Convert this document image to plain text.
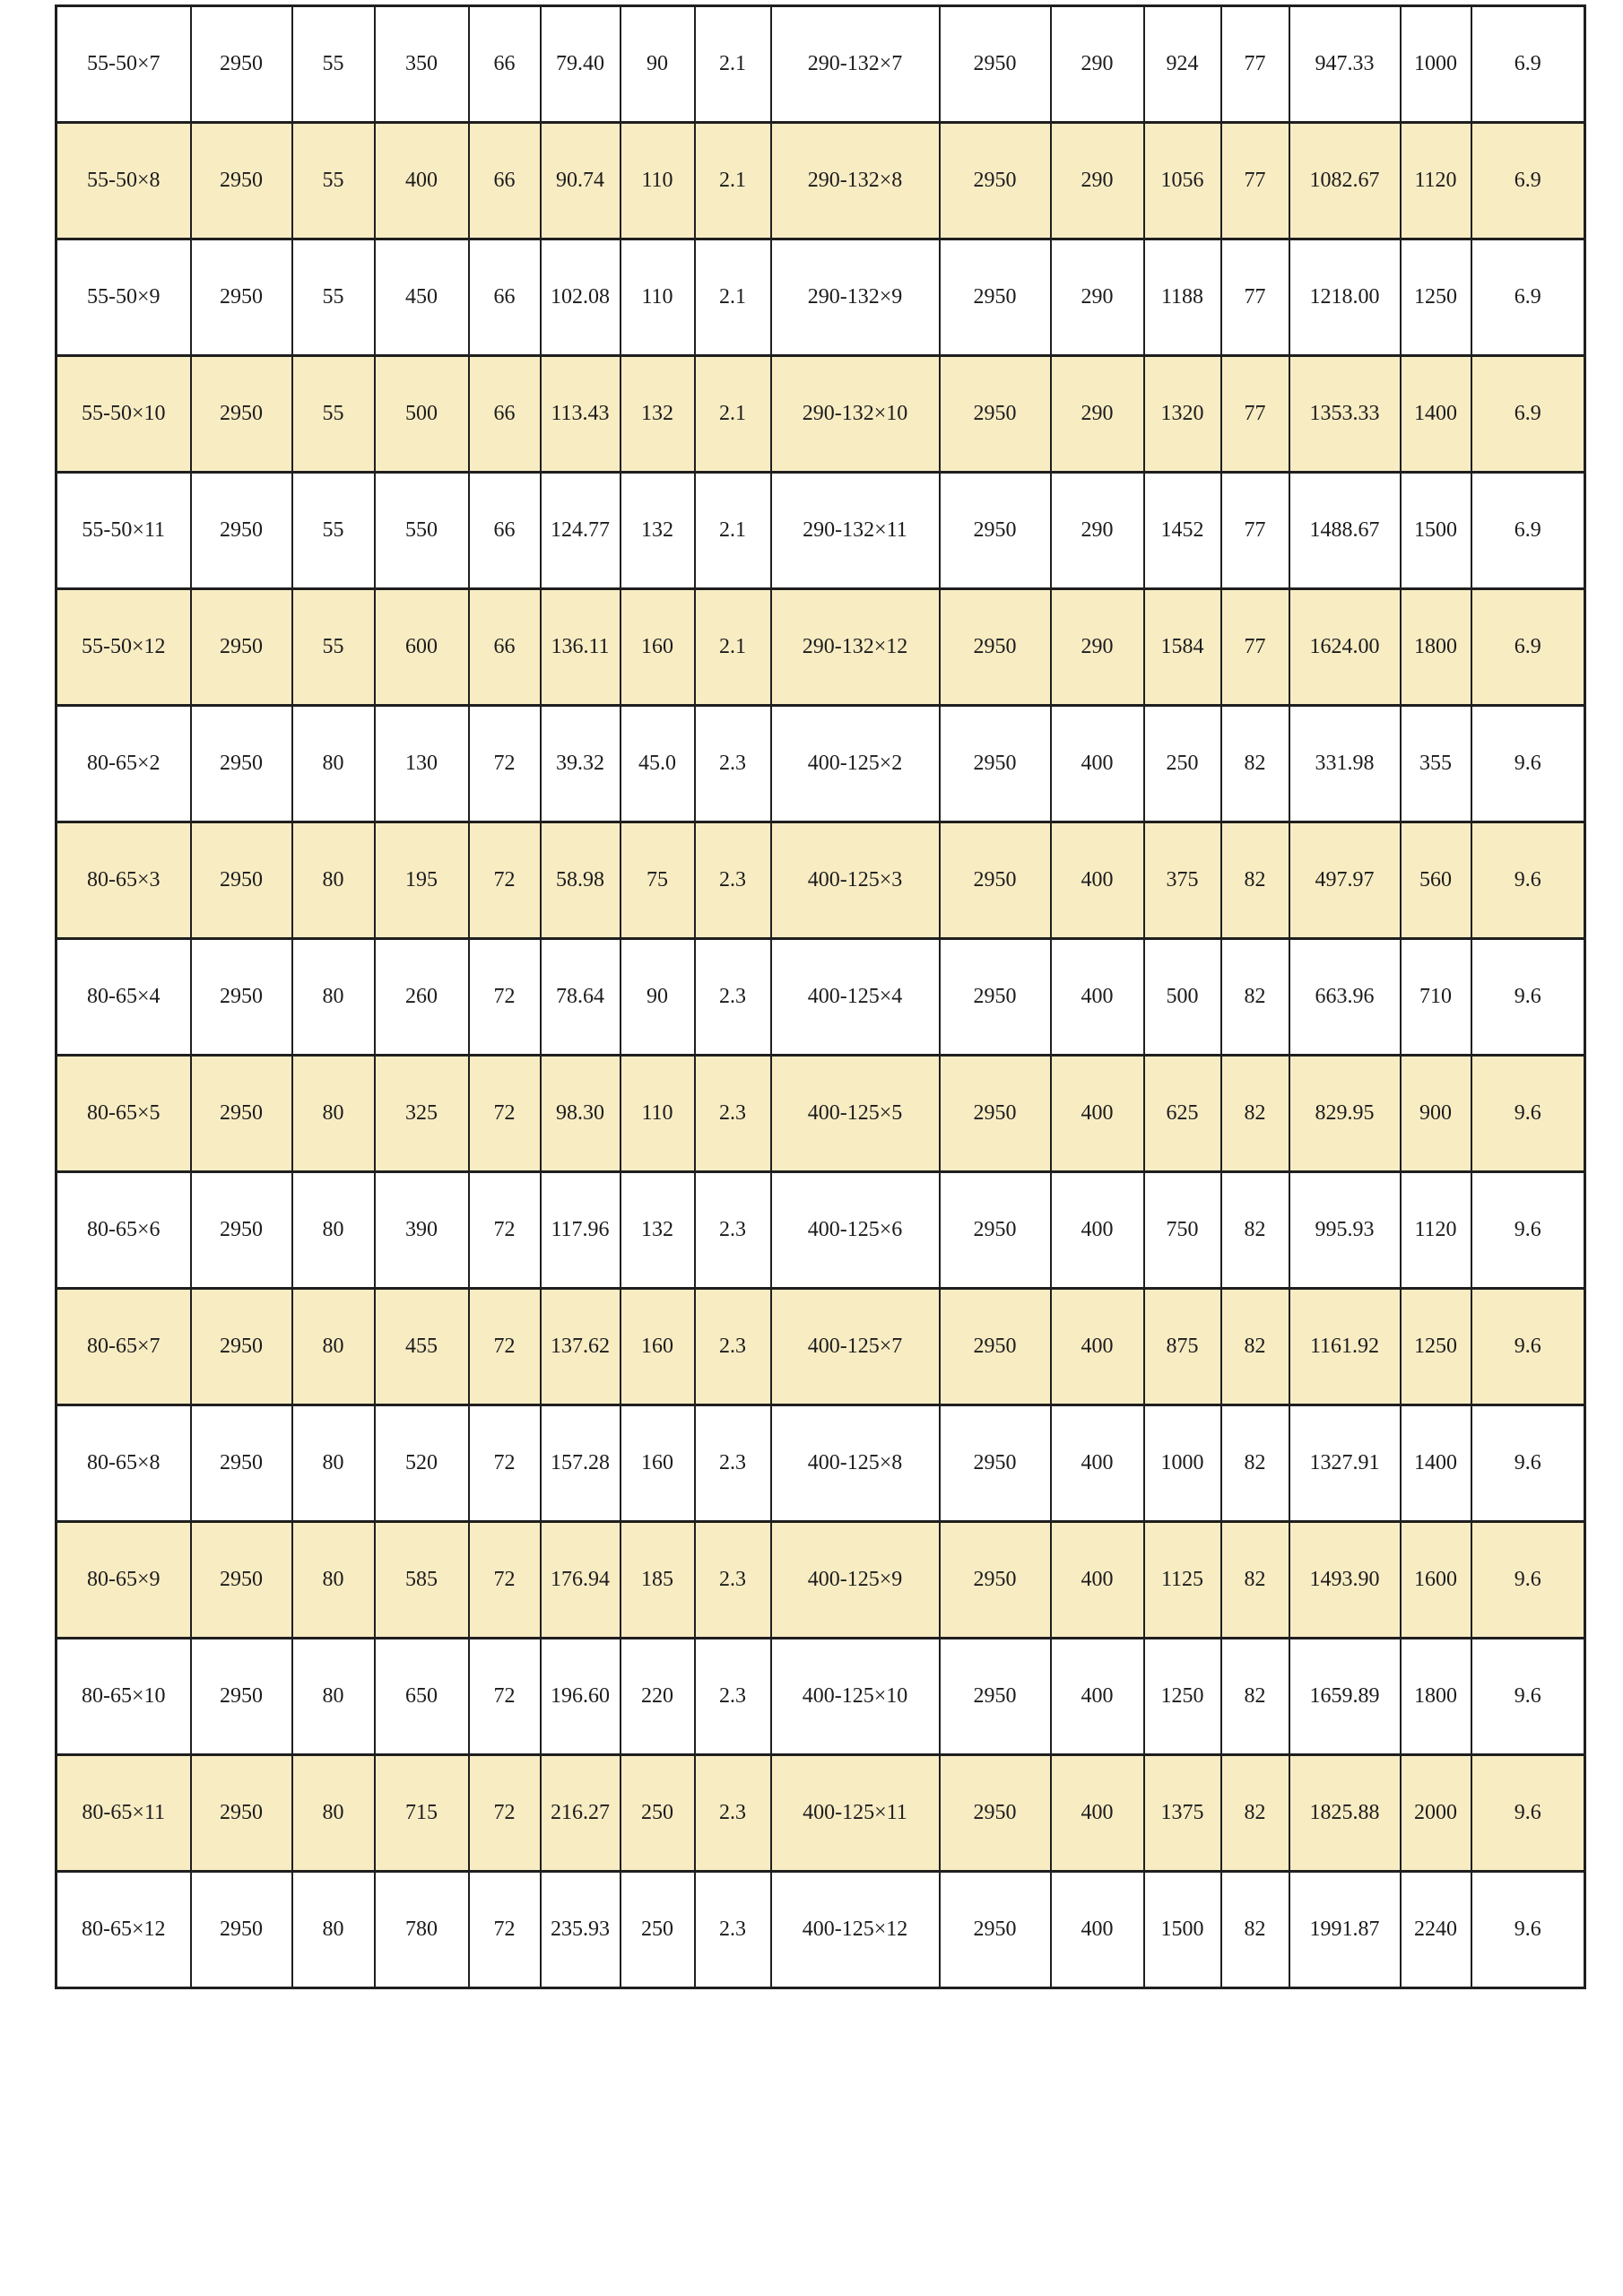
55-50×7	2950	55	350	66	79.40	90	2.1	290-132×7	2950	290	924	77	947.33	1000	6.9
55-50×8	2950	55	400	66	90.74	110	2.1	290-132×8	2950	290	1056	77	1082.67	1120	6.9
55-50×9	2950	55	450	66	102.08	110	2.1	290-132×9	2950	290	1188	77	1218.00	1250	6.9
55-50×10	2950	55	500	66	113.43	132	2.1	290-132×10	2950	290	1320	77	1353.33	1400	6.9
55-50×11	2950	55	550	66	124.77	132	2.1	290-132×11	2950	290	1452	77	1488.67	1500	6.9
55-50×12	2950	55	600	66	136.11	160	2.1	290-132×12	2950	290	1584	77	1624.00	1800	6.9
80-65×2	2950	80	130	72	39.32	45.0	2.3	400-125×2	2950	400	250	82	331.98	355	9.6
80-65×3	2950	80	195	72	58.98	75	2.3	400-125×3	2950	400	375	82	497.97	560	9.6
80-65×4	2950	80	260	72	78.64	90	2.3	400-125×4	2950	400	500	82	663.96	710	9.6
80-65×5	2950	80	325	72	98.30	110	2.3	400-125×5	2950	400	625	82	829.95	900	9.6
80-65×6	2950	80	390	72	117.96	132	2.3	400-125×6	2950	400	750	82	995.93	1120	9.6
80-65×7	2950	80	455	72	137.62	160	2.3	400-125×7	2950	400	875	82	1161.92	1250	9.6
80-65×8	2950	80	520	72	157.28	160	2.3	400-125×8	2950	400	1000	82	1327.91	1400	9.6
80-65×9	2950	80	585	72	176.94	185	2.3	400-125×9	2950	400	1125	82	1493.90	1600	9.6
80-65×10	2950	80	650	72	196.60	220	2.3	400-125×10	2950	400	1250	82	1659.89	1800	9.6
80-65×11	2950	80	715	72	216.27	250	2.3	400-125×11	2950	400	1375	82	1825.88	2000	9.6
80-65×12	2950	80	780	72	235.93	250	2.3	400-125×12	2950	400	1500	82	1991.87	2240	9.6
